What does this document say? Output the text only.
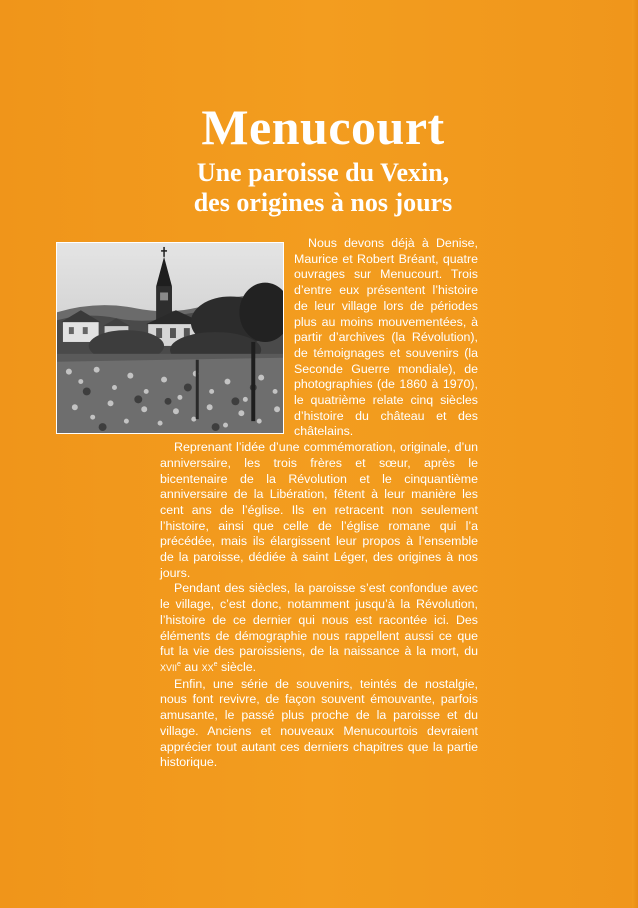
Menucourt
Une paroisse du Vexin,
des origines à nos jours

Nous devons déjà à Denise, Maurice et Robert Bréant, quatre ouvrages sur Menucourt. Trois d’entre eux présentent l’histoire de leur village lors de périodes plus au moins mouvementées, à partir d’archives (la Révolution), de témoignages et souvenirs (la Seconde Guerre mondiale), de photographies (de 1860 à 1970), le quatrième relate cinq siècles d’histoire du château et des châtelains.

Reprenant l’idée d’une commémoration, originale, d’un anniversaire, les trois frères et sœur, après le bicentenaire de la Révolution et le cinquantième anniversaire de la Libération, fêtent à leur manière les cent ans de l’église. Ils en retracent non seulement l’histoire, ainsi que celle de l’église romane qui l’a précédée, mais ils élargissent leur propos à l’ensemble de la paroisse, dédiée à saint Léger, des origines à nos jours.

Pendant des siècles, la paroisse s’est confondue avec le village, c’est donc, notamment jusqu’à la Révolution, l’histoire de ce dernier qui nous est racontée ici. Des éléments de démographie nous rappellent aussi ce que fut la vie des paroissiens, de la naissance à la mort, du XVIIe au XXe siècle.

Enfin, une série de souvenirs, teintés de nostalgie, nous font revivre, de façon souvent émouvante, parfois amusante, le passé plus proche de la paroisse et du village. Anciens et nouveaux Menucourtois devraient apprécier tout autant ces derniers chapitres que la partie historique.
